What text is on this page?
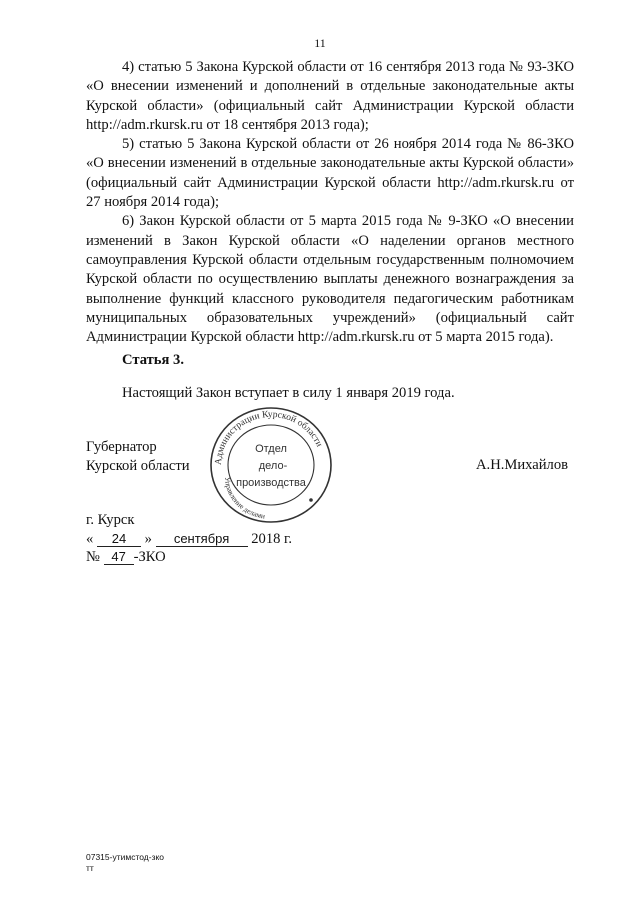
11

4) статью 5 Закона Курской области от 16 сентября 2013 года № 93-ЗКО «О внесении изменений и дополнений в отдельные законодательные акты Курской области» (официальный сайт Администрации Курской области http://adm.rkursk.ru от 18 сентября 2013 года);

5) статью 5 Закона Курской области от 26 ноября 2014 года № 86-ЗКО «О внесении изменений в отдельные законодательные акты Курской области» (официальный сайт Администрации Курской области http://adm.rkursk.ru от 27 ноября 2014 года);

6) Закон Курской области от 5 марта 2015 года № 9-ЗКО «О внесении изменений в Закон Курской области «О наделении органов местного самоуправления Курской области отдельным государственным полномочием Курской области по осуществлению выплаты денежного вознаграждения за выполнение функций классного руководителя педагогическим работникам муниципальных образовательных учреждений» (официальный сайт Администрации Курской области http://adm.rkursk.ru от 5 марта 2015 года).

Статья 3.
Настоящий Закон вступает в силу 1 января 2019 года.
Губернатор
Курской области	Администрации Курской области
Управление делами
Отдел
дело-
производства
А.Н.Михайлов
г. Курск
« 24 » сентября 2018 г.
№ 47 -ЗКО
07315-утимстод-зко
тт
